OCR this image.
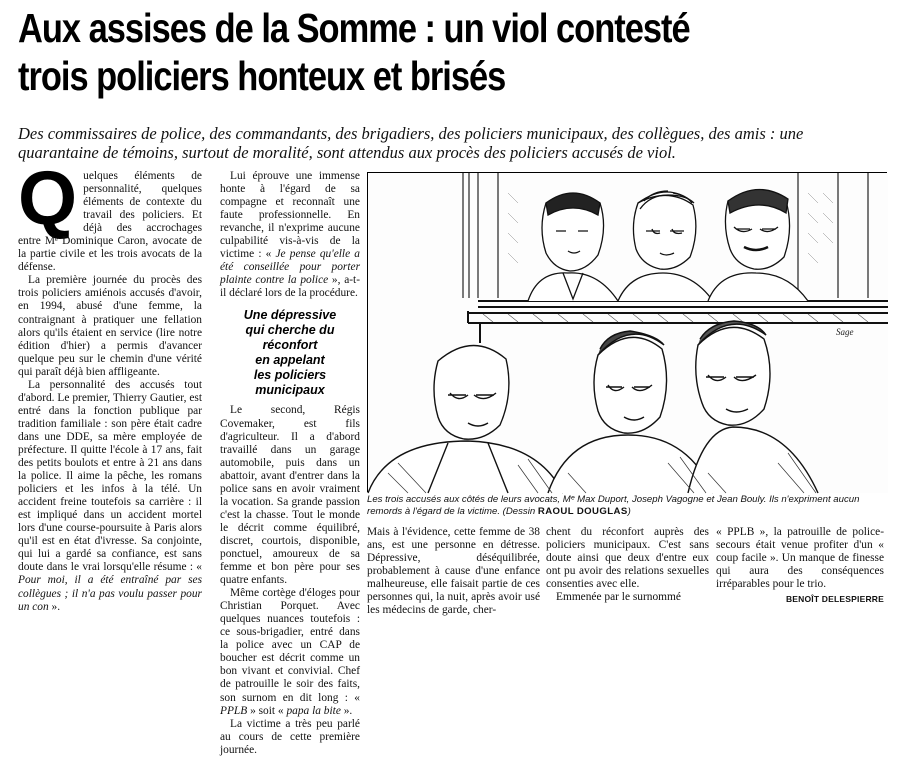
Aux assises de la Somme : un viol contesté
trois policiers honteux et brisés

Des commissaires de police, des commandants, des brigadiers, des policiers municipaux, des collègues, des amis : une quarantaine de témoins, surtout de moralité, sont attendus aux procès des policiers accusés de viol.

Quelques éléments de personnalité, quelques éléments de contexte du travail des policiers. Et déjà des accrochages entre Mᵉ Dominique Caron, avocate de la partie civile et les trois avocats de la défense.

La première journée du procès des trois policiers amiénois accusés d'avoir, en 1994, abusé d'une femme, la contraignant à pratiquer une fellation alors qu'ils étaient en service (lire notre édition d'hier) a permis d'avancer quelque peu sur le chemin d'une vérité qui paraît déjà bien affligeante.

La personnalité des accusés tout d'abord. Le premier, Thierry Gautier, est entré dans la fonction publique par tradition familiale : son père était cadre dans une DDE, sa mère employée de préfecture. Il quitte l'école à 17 ans, fait des petits boulots et entre à 21 ans dans la police. Il aime la pêche, les romans policiers et les infos à la télé. Un accident freine toutefois sa carrière : il est impliqué dans un accident mortel lors d'une course-poursuite à Paris alors qu'il est en état d'ivresse. Sa conjointe, qui lui a gardé sa confiance, est sans doute dans le vrai lorsqu'elle résume : « Pour moi, il a été entraîné par ses collègues ; il n'a pas voulu passer pour un con ».

Lui éprouve une immense honte à l'égard de sa compagne et reconnaît une faute professionnelle. En revanche, il n'exprime aucune culpabilité vis-à-vis de la victime : « Je pense qu'elle a été conseillée pour porter plainte contre la police », a-t-il déclaré lors de la procédure.

Une dépressive
qui cherche du réconfort
en appelant
les policiers municipaux

Le second, Régis Covemaker, est fils d'agriculteur. Il a d'abord travaillé dans un garage automobile, puis dans un abattoir, avant d'entrer dans la police sans en avoir vraiment la vocation. Sa grande passion c'est la chasse. Tout le monde le décrit comme équilibré, discret, courtois, disponible, ponctuel, amoureux de sa femme et bon père pour ses quatre enfants.

Même cortège d'éloges pour Christian Porquet. Avec quelques nuances toutefois : ce sous-brigadier, entré dans la police avec un CAP de boucher est décrit comme un bon vivant et convivial. Chef de patrouille le soir des faits, son surnom en dit long : « PPLB » soit « papa la bite ».

La victime a très peu parlé au cours de cette première journée.

Sage

Les trois accusés aux côtés de leurs avocats, Mᵉ Max Duport, Joseph Vagogne et Jean Bouly. Ils n'expriment aucun remords à l'égard de la victime. (Dessin RAOUL DOUGLAS)

Mais à l'évidence, cette femme de 38 ans, est une personne en détresse. Dépressive, déséquilibrée, probablement à cause d'une enfance malheureuse, elle faisait partie de ces personnes qui, la nuit, après avoir usé les médecins de garde, cher-

chent du réconfort auprès des policiers municipaux. C'est sans doute ainsi que deux d'entre eux ont pu avoir des relations sexuelles consenties avec elle.

Emmenée par le surnommé

« PPLB », la patrouille de police-secours était venue profiter d'un « coup facile ». Un manque de finesse qui aura des conséquences irréparables pour le trio.

BENOÎT DELESPIERRE
